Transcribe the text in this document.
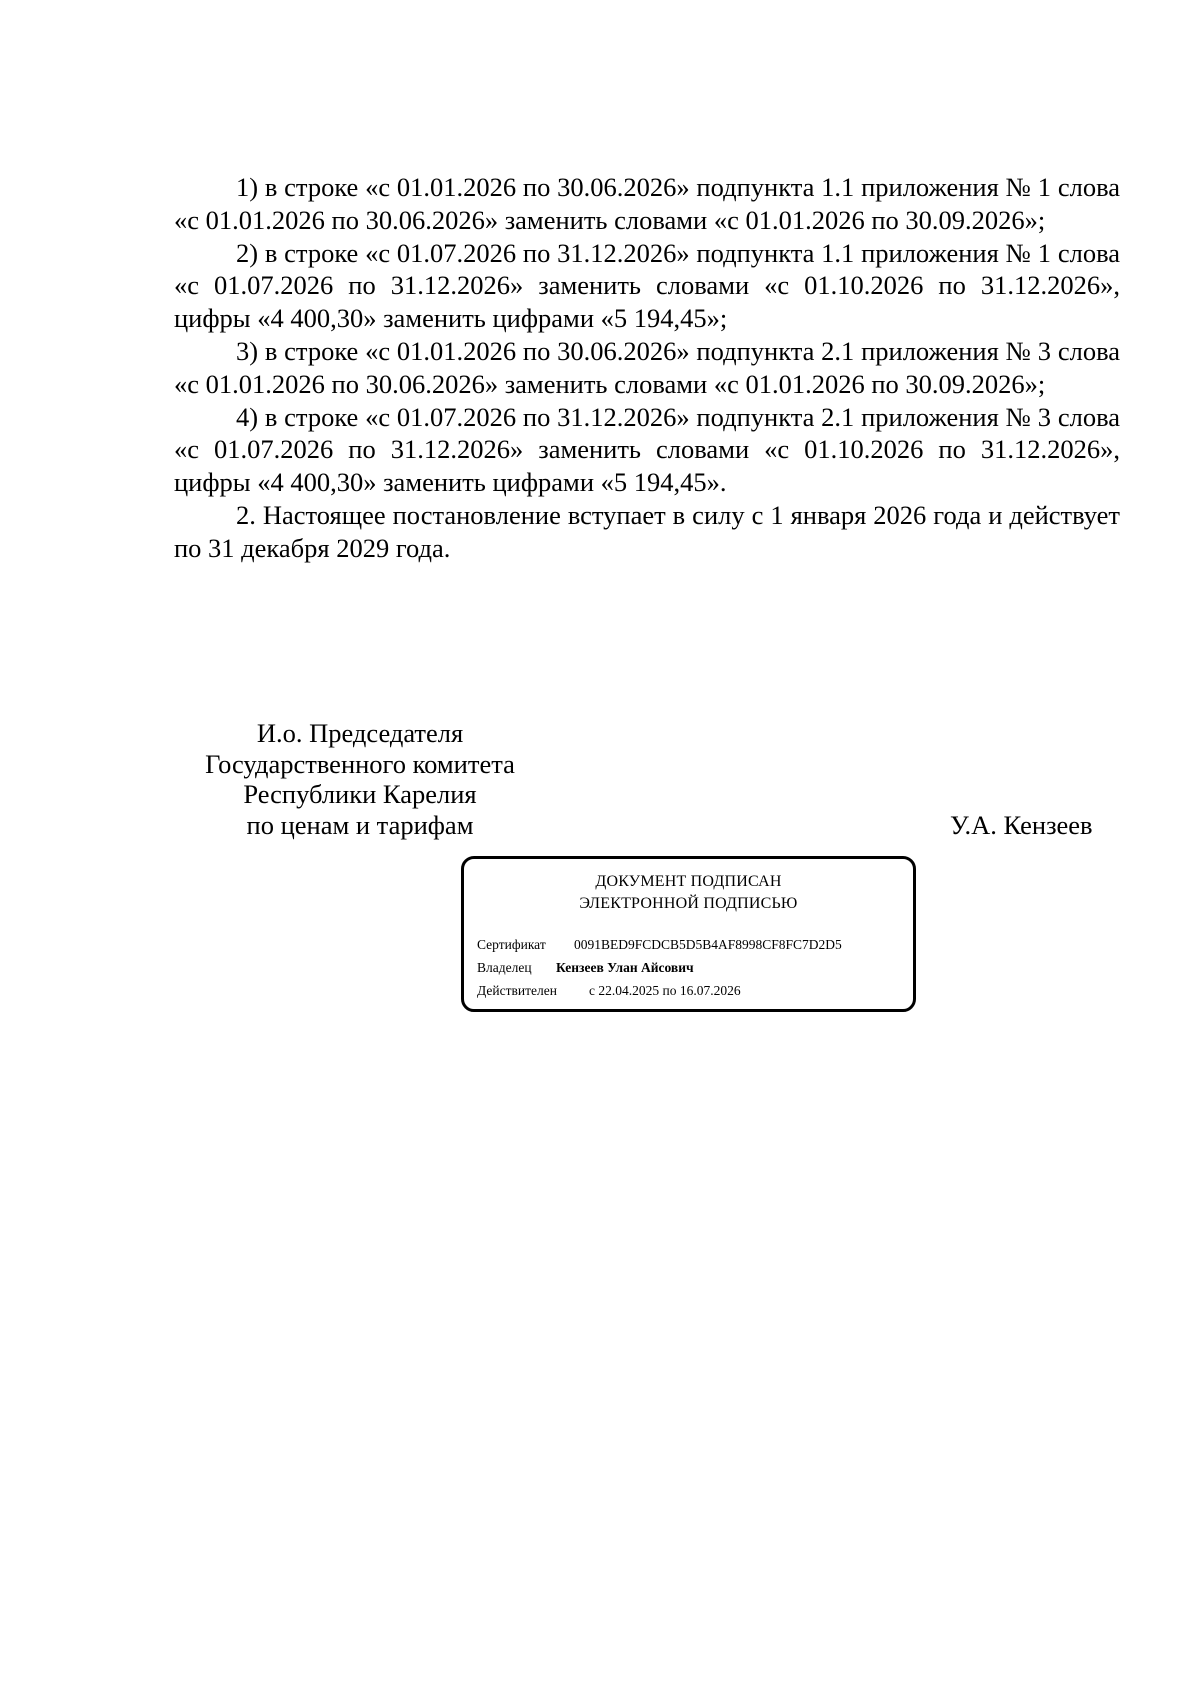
1) в строке «с 01.01.2026 по 30.06.2026» подпункта 1.1 приложения № 1 слова «с 01.01.2026 по 30.06.2026» заменить словами «с 01.01.2026 по 30.09.2026»;

2) в строке «с 01.07.2026 по 31.12.2026» подпункта 1.1 приложения № 1 слова «с 01.07.2026 по 31.12.2026» заменить словами «с 01.10.2026 по 31.12.2026», цифры «4 400,30» заменить цифрами «5 194,45»;

3) в строке «с 01.01.2026 по 30.06.2026» подпункта 2.1 приложения № 3 слова «с 01.01.2026 по 30.06.2026» заменить словами «с 01.01.2026 по 30.09.2026»;

4) в строке «с 01.07.2026 по 31.12.2026» подпункта 2.1 приложения № 3 слова «с 01.07.2026 по 31.12.2026» заменить словами «с 01.10.2026 по 31.12.2026», цифры «4 400,30» заменить цифрами «5 194,45».

2. Настоящее постановление вступает в силу с 1 января 2026 года и действует по 31 декабря 2029 года.

И.о. Председателя
Государственного комитета
Республики Карелия
по ценам и тарифам	У.А. Кензеев
ДОКУМЕНТ ПОДПИСАН
ЭЛЕКТРОННОЙ ПОДПИСЬЮ
Сертификат 0091BED9FCDCB5D5B4AF8998CF8FC7D2D5
Владелец Кензеев Улан Айсович
Действителен с 22.04.2025 по 16.07.2026
